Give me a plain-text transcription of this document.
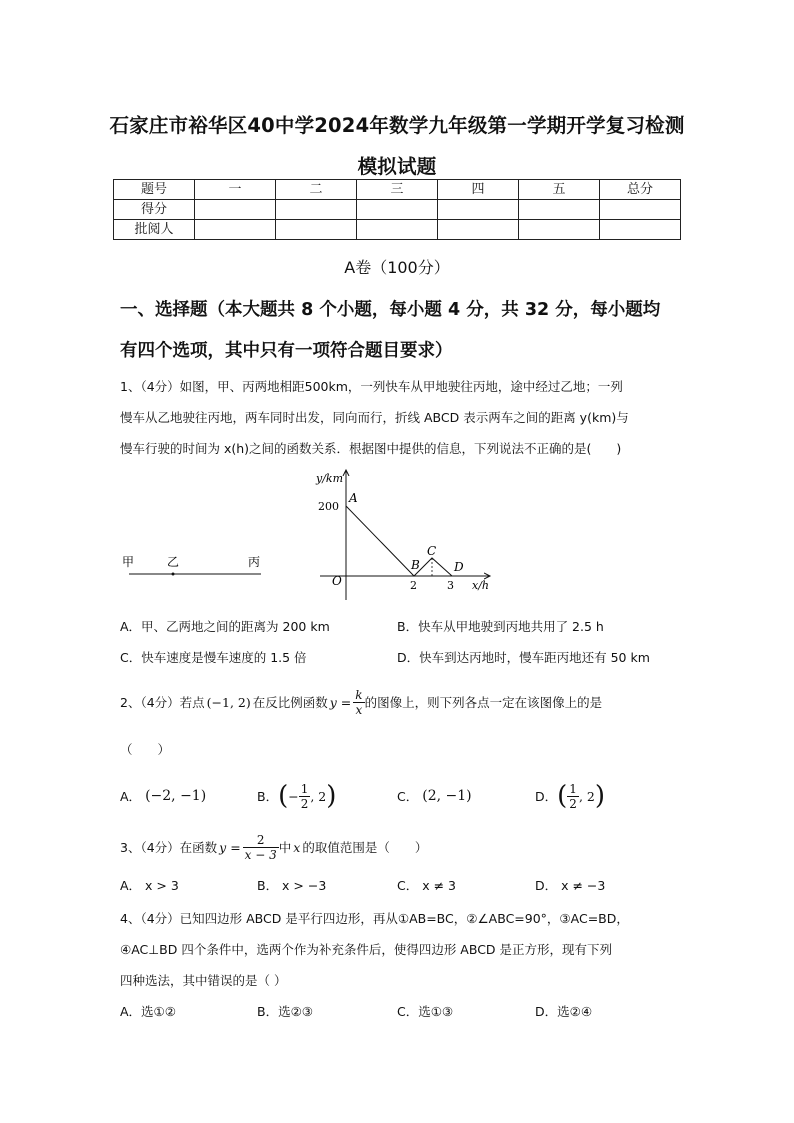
石家庄市裕华区40中学2024年数学九年级第一学期开学复习检测
模拟试题
题号	一	二	三	四	五	总分
得分						
批阅人						
A卷（100分）
一、选择题（本大题共 8 个小题，每小题 4 分，共 32 分，每小题均
有四个选项，其中只有一项符合题目要求）
1、（4分）如图，甲、丙两地相距500km，一列快车从甲地驶往丙地，途中经过乙地；一列
慢车从乙地驶往丙地，两车同时出发，同向而行，折线 ABCD 表示两车之间的距离 y(km)与
慢车行驶的时间为 x(h)之间的函数关系．根据图中提供的信息，下列说法不正确的是(　　)
甲	乙	丙
y/km
x/h
O
200
2	3
A
B
C
D
A．甲、乙两地之间的距离为 200 km	B．快车从甲地驶到丙地共用了 2.5 h
C．快车速度是慢车速度的 1.5 倍	D．快车到达丙地时，慢车距丙地还有 50 km
2、（4分）若点 (−1, 2) 在反比例函数 $y = \frac{k}{x}$ 的图像上，则下列各点一定在该图像上的是
（　　）
A． (−2, −1)	B． ( − $\frac{1}{2}$ , 2 )	C． (2, −1)	D． ( $\frac{1}{2}$ , 2 )
3、（4分）在函数 $y = \frac{2}{x - 3}$ 中 x 的取值范围是（　　）
A． x > 3	B． x > −3	C． x ≠ 3	D． x ≠ −3
4、（4分）已知四边形 ABCD 是平行四边形，再从①AB=BC，②∠ABC=90°，③AC=BD，
④AC⊥BD 四个条件中，选两个作为补充条件后，使得四边形 ABCD 是正方形，现有下列
四种选法，其中错误的是（ ）
A．选①②	B．选②③	C．选①③	D．选②④
